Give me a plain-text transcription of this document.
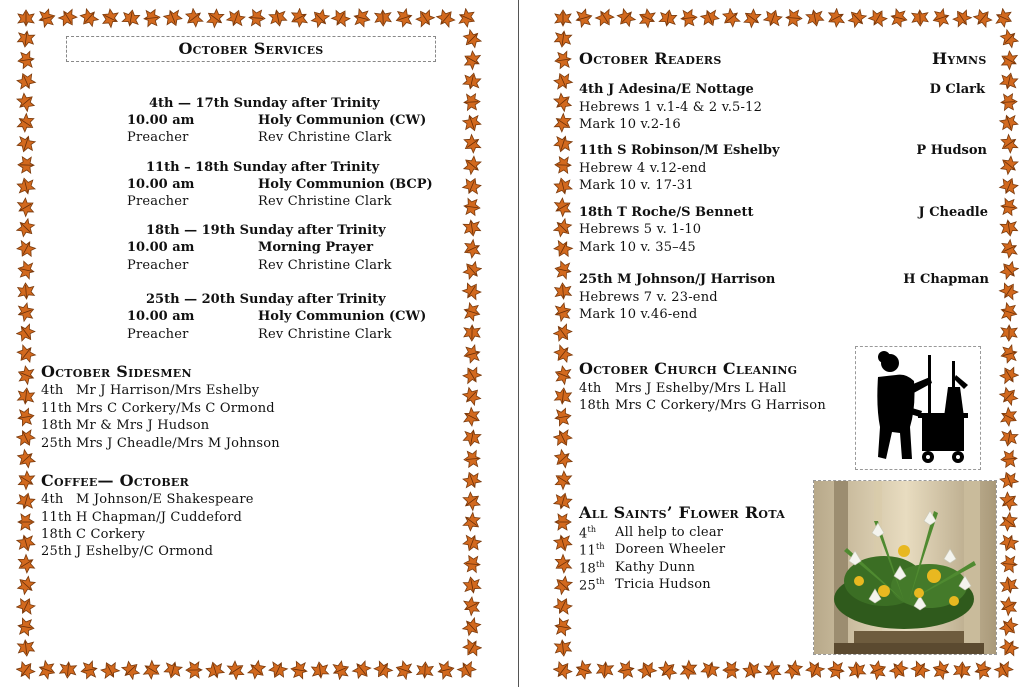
October Services
4th — 17th Sunday after Trinity
10.00 am	Holy Communion (CW)
Preacher	Rev Christine Clark
11th – 18th Sunday after Trinity
10.00 am	Holy Communion (BCP)
Preacher	Rev Christine Clark
18th — 19th Sunday after Trinity
10.00 am	Morning Prayer
Preacher	Rev Christine Clark
25th — 20th Sunday after Trinity
10.00 am	Holy Communion (CW)
Preacher	Rev Christine Clark
October Sidesmen
4th Mr J Harrison/Mrs Eshelby
11th Mrs C Corkery/Ms C Ormond
18th Mr & Mrs J Hudson
25th Mrs J Cheadle/Mrs M Johnson
Coffee— October
4th M Johnson/E Shakespeare
11th H Chapman/J Cuddeford
18th C Corkery
25th J Eshelby/C Ormond
October Readers	Hymns
4th J Adesina/E Nottage	D Clark
Hebrews 1 v.1-4 & 2 v.5-12
Mark 10 v.2-16
11th S Robinson/M Eshelby	P Hudson
Hebrew 4 v.12-end
Mark 10 v. 17-31
18th T Roche/S Bennett	J Cheadle
Hebrews 5 v. 1-10
Mark 10 v. 35–45
25th M Johnson/J Harrison	H Chapman
Hebrews 7 v. 23-end
Mark 10 v.46-end
October Church Cleaning
4th Mrs J Eshelby/Mrs L Hall
18th Mrs C Corkery/Mrs G Harrison
All Saints’ Flower Rota
4th All help to clear
11th Doreen Wheeler
18th Kathy Dunn
25th Tricia Hudson
